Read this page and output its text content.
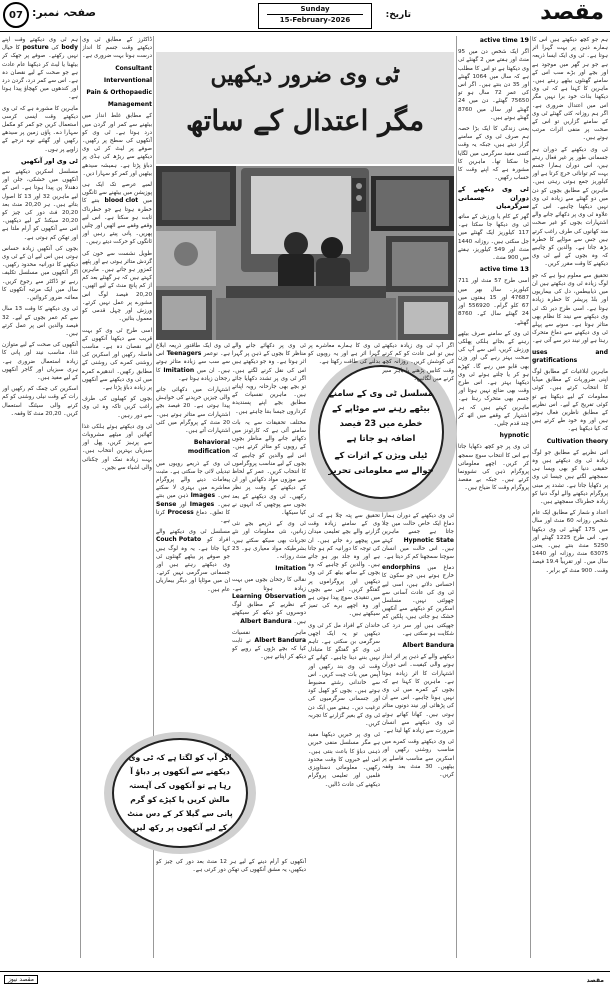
مقصد
تاریخ:
Sunday
15-February-2026
صفحہ نمبر:
07

ہم جو کچھ دیکھتے ہیں اس کا ہمارے ذہن پر بہت گہرا اثر ہوتا ہے۔ ٹی وی ایک ایسا ذریعہ ہے جو ہر گھر میں موجود ہے اور بچے اور بڑے سب اس کے سامنے گھنٹوں بیٹھے رہتے ہیں۔ ماہرین کا کہنا ہے کہ ٹی وی دیکھنا بذات خود برا نہیں مگر اس میں اعتدال ضروری ہے۔ اگر ہم روزانہ کئی گھنٹے ٹی وی کے سامنے گزاریں تو اس کے صحت پر منفی اثرات مرتب ہوتے ہیں۔

ٹی وی دیکھنے کے دوران ہم جسمانی طور پر غیر فعال رہتے ہیں، اس دوران ہمارا جسم بہت کم توانائی خرچ کرتا ہے اور کیلوریز جمع ہوتی رہتی ہیں۔ ماہرین کے مطابق بچوں کو دن میں دو گھنٹے سے زیادہ ٹی وی نہیں دیکھنا چاہیے۔ اس کے علاوہ ٹی وی پر دکھائے جانے والے اشتہارات بچوں کو غیر صحت مند کھانوں کی طرف راغب کرتے ہیں جس سے موٹاپے کا خطرہ بڑھ جاتا ہے۔ والدین کو چاہیے کہ وہ بچوں کے لیے ٹی وی دیکھنے کا وقت مقرر کریں۔

تحقیق سے معلوم ہوا ہے کہ جو لوگ زیادہ ٹی وی دیکھتے ہیں ان میں ذیابیطس، دل کی بیماریوں اور بلڈ پریشر کا خطرہ زیادہ ہوتا ہے۔ اسی طرح دیر تک ٹی وی دیکھنے سے نیند کا نظام بھی متاثر ہوتا ہے۔ سونے سے پہلے ٹی وی دیکھنے سے دماغ متحرک رہتا ہے اور نیند دیر سے آتی ہے۔

uses and gratifications

ماہرین ابلاغیات کے مطابق لوگ اپنی ضروریات کے مطابق میڈیا کا انتخاب کرتے ہیں۔ کوئی معلومات کے لیے دیکھتا ہے تو کوئی تفریح کے لیے۔ اس نظریے کے مطابق ناظرین فعال ہوتے ہیں اور وہ خود طے کرتے ہیں کہ کیا دیکھنا ہے۔

Cultivation theory

اس نظریے کے مطابق جو لوگ زیادہ ٹی وی دیکھتے ہیں وہ حقیقی دنیا کو بھی ویسا ہی سمجھنے لگتے ہیں جیسا ٹی وی پر دکھایا جاتا ہے۔ تشدد پر مبنی پروگرام دیکھنے والے لوگ دنیا کو زیادہ خطرناک سمجھتے ہیں۔

اعداد و شمار کے مطابق ایک عام شخص روزانہ 60 منٹ اور سال میں 175 گھنٹے ٹی وی دیکھتا ہے۔ اس طرح 1225 گھنٹے اور 5250 منٹ بنتے ہیں۔ یعنی 63075 منٹ روزانہ اور 1440 سال میں۔ اور تقریباً 19.4 فیصد وقت۔ 900 منٹ کے برابر۔

19 active time

اگر ایک شخص دن میں 95 منٹ اور ہفتے میں 2 گھنٹے ٹی وی دیکھتا ہے تو اس کا مطلب ہے کہ سال میں 1064 گھنٹے اور 35 دن بنتے ہیں۔ اگر اس کی عمر 72 سال ہو تو 75650 گھنٹے۔ دن میں 24 گھنٹے اور سال میں 8760 گھنٹے ہوتے ہیں۔

یعنی زندگی کا ایک بڑا حصہ ہم صرف ٹی وی کے سامنے گزار دیتے ہیں، جبکہ یہ وقت کسی مفید سرگرمی میں لگایا جا سکتا تھا۔ ماہرین کا مشورہ ہے کہ اپنے وقت کا حساب رکھیں۔

ٹی وی دیکھنے کے دوران جسمانی سرگرمیاں

گھر کے کام یا ورزش کے ساتھ ٹی وی دیکھا جا سکتا ہے۔ 117 کیلوریز ایک گھنٹے میں جل سکتی ہیں۔ روزانہ 1440 منٹ اور 549 کیلوریز، ہفتے میں 900 منٹ۔

13 active time

اسی طرح 57 منٹ اور 711 کیلوریز۔ سال بھر میں 47687 اور 15 ہفتوں میں 67 کلو گرام۔ 556920 اور 24 گھنٹے سال کے۔ 8760 گھنٹے۔

ٹی وی کے سامنے صرف بیٹھے رہنے کے بجائے ہلکی پھلکی ورزش کریں، اس سے آپ کی صحت بہتر رہے گی اور وزن بھی قابو میں رہے گا۔ کھڑے ہو کر یا چلتے ہوئے ٹی وی دیکھنا بہتر ہے۔ اس طرح وقت بھی ضائع نہیں ہوتا اور جسم بھی متحرک رہتا ہے۔ ماہرین کہتے ہیں کہ ہر اشتہار کے وقفے میں اٹھ کر چند قدم چلیں۔

hypnotic

ٹی وی پر جو کچھ دکھایا جاتا ہے اس کا انتخاب سوچ سمجھ کر کریں۔ اچھے معلوماتی پروگرام ذہن کی نشوونما کرتے ہیں۔ جبکہ بے مقصد پروگرام وقت کا ضیاع ہیں۔

ٹی وی ضرور دیکھیں
مگر اعتدال کے ساتھ
مسلسل ٹی وی کے سامنے بیٹھے رہنے سے موٹاپے کے خطرے میں 23 فیصد اضافہ ہو جاتا ہے
ٹیلی ویژن کے اثرات کے حوالے سے معلوماتی تحریر
اگر آپ کو لگتا ہے کہ ٹی وی دیکھنے سے آنکھوں پر دباؤ آ رہا ہے تو آنکھوں کی آہستہ مالش کریں یا کپڑے کو گرم پانی سے گیلا کر کے دس منٹ کے لیے آنکھوں پر رکھ لیں

اگر آپ ٹی وی زیادہ دیکھتے ہیں تو اس عادت کو کم کرنے کی کوشش کریں۔ روزانہ کچھ وقت کتابیں پڑھنے یا باہر سیر کرنے میں لگائیں۔

ٹی وی دیکھنے کے دوران ہمارا دماغ ایک خاص حالت میں چلا جاتا ہے جسے ماہرین Hypnotic State کہتے ہیں۔ اس حالت میں انسان سوچنا سمجھنا کم کر دیتا ہے۔

دماغ میں endorphins خارج ہوتے ہیں جو سکون کا احساس دلاتے ہیں، اسی لیے ٹی وی کی عادت آسانی سے چھوٹتی نہیں۔ مسلسل اسکرین کو دیکھنے سے آنکھیں خشک ہو جاتی ہیں، پلکیں کم جھپکتی ہیں اور سر درد کی شکایت ہو سکتی ہے۔

Albert Bandura

دیکھنے والے کے ذہن پر اثر انداز ہونے والی کیفیت۔ اس دوران اشتہارات کا اثر زیادہ ہوتا ہے۔ ماہرین کا کہنا ہے کہ بچوں کے کمرے میں ٹی وی نہیں ہونا چاہیے۔ اس سے ان کی پڑھائی اور نیند دونوں متاثر ہوتی ہیں۔ کھانا کھاتے ہوئے ٹی وی دیکھنے سے انسان ضرورت سے زیادہ کھا لیتا ہے۔

ٹی وی دیکھتے وقت کمرے میں مناسب روشنی رکھیں اور اسکرین سے مناسب فاصلے پر بیٹھیں۔ 30 منٹ بعد وقفہ کریں۔

ٹی وی کا ہمارے معاشرے پر گہرا اثر ہے اور یہ رویوں کو بدلنے کی طاقت رکھتا ہے۔

تحقیق سے پتہ چلا ہے کہ ٹی وی کے سامنے زیادہ وقت گزارنے والے بچے تعلیمی میدان میں پیچھے رہ جاتے ہیں۔ ان کی توجہ کا دورانیہ کم ہو جاتا ہے اور وہ جلد بور ہو جاتے ہیں۔ والدین کو چاہیے کہ وہ بچوں کے ساتھ بیٹھ کر ٹی وی دیکھیں اور پروگراموں پر گفتگو کریں۔ اس سے بچوں میں تنقیدی سوچ پیدا ہوتی ہے اور وہ اچھے برے کی تمیز سیکھتے ہیں۔

خاندان کے افراد مل کر ٹی وی دیکھیں تو یہ ایک اچھی سرگرمی بن سکتی ہے۔ تاہم ٹی وی کو گفتگو کا متبادل نہیں بننے دینا چاہیے۔ کھانے کے وقت ٹی وی بند رکھیں اور آپس میں بات چیت کریں۔ اس سے خاندانی رشتے مضبوط ہوتے ہیں۔ بچوں کو کھیل کود اور جسمانی سرگرمیوں کی ترغیب دیں۔ ہفتے میں ایک دن ٹی وی کے بغیر گزارنے کا تجربہ کریں۔

ٹی وی پر خبریں دیکھنا مفید ہے مگر مسلسل منفی خبریں ذہنی دباؤ کا باعث بنتی ہیں۔ اس لیے خبروں کا وقت محدود رکھیں۔ معلوماتی دستاویزی فلمیں اور تعلیمی پروگرام دیکھنے کی عادت ڈالیں۔

ٹی وی پر دکھائے جانے والے مناظر کا بچوں کے ذہن پر گہرا اثر ہوتا ہے۔ وہ جو دیکھتے ہیں اس کی نقل کرنے لگتے ہیں۔ اگر ٹی وی پر تشدد دکھایا جائے تو بچے بھی جارحانہ رویہ اپناتے ہیں۔ ماہرین نفسیات کے مطابق بچے اپنے پسندیدہ کرداروں جیسا بننا چاہتے ہیں۔

مختلف تحقیقات سے یہ بات سامنے آئی ہے کہ کارٹونز میں دکھائے جانے والے مناظر بچوں کے رویوں کو متاثر کرتے ہیں۔ اس لیے والدین کو چاہیے کہ بچوں کے لیے مناسب پروگراموں کا انتخاب کریں۔ عمر کے لحاظ سے موزوں مواد دکھائیں اور ان کے دیکھنے کے وقت پر نظر رکھیں۔ ٹی وی دیکھنے کے بعد بچوں سے پوچھیں کہ انہوں نے کیا سیکھا۔

ٹی وی کے ذریعے بچے نئی زبانیں، نئی معلومات اور نئے تجربات بھی سیکھ سکتے ہیں، بشرطیکہ مواد معیاری ہو۔ 23 منٹ روزانہ۔

Imitation

نقالی کا رجحان بچوں میں بہت زیادہ ہوتا ہے۔ Observation Learning کے نظریے کے مطابق لوگ دوسروں کو دیکھ کر سیکھتے ہیں۔ Albert Bandura

ماہر نفسیات Albert Bandura نے ثابت کیا کہ بچے بڑوں کے رویے کو دیکھ کر اپناتے ہیں۔

ٹی وی ایک طاقتور ذریعہ ابلاغ ہے۔ نوعمر Teenagers اس سے سب سے زیادہ متاثر ہوتے ہیں۔ ان میں Imitation کا رجحان زیادہ ہوتا ہے۔

اشتہارات میں دکھائی جانے والی چیزیں خریدنے کی خواہش پیدا ہوتی ہے۔ 20 فیصد بچے اشتہارات سے متاثر ہوتے ہیں۔ 20 منٹ کے پروگرام میں کئی اشتہارات آتے ہیں۔

Behavioral modification

ٹی وی کے ذریعے رویوں میں تبدیلی لائی جا سکتی ہے۔ مثبت پیغامات دینے والے پروگرام معاشرے میں بہتری لا سکتے ہیں۔ Images ذہن میں بنتے ہیں۔ Images اور Sense کا تعلق۔ دماغ Process کرتا ہے۔

مسلسل ٹی وی دیکھنے والے افراد کو Couch Potato کہا جاتا ہے۔ یہ وہ لوگ ہیں جو صوفے پر بیٹھے گھنٹوں ٹی وی دیکھتے رہتے ہیں اور جسمانی سرگرمی نہیں کرتے۔ ان میں موٹاپا اور دیگر بیماریاں عام ہیں۔

آنکھوں کو آرام دینے کے لیے ہر 12 منٹ بعد دور کی چیز کو دیکھیں، یہ مشق آنکھوں کی تھکن دور کرتی ہے۔

ڈاکٹرز کے مطابق ٹی وی دیکھتے وقت جسم کا انداز درست ہونا بہت ضروری ہے۔

Consultant

Interventional

Pain & Orthopaedic

Management

کے مطابق غلط انداز میں بیٹھنے سے کمر اور گردن میں درد ہوتا ہے۔ ٹی وی کو آنکھوں کی سطح پر رکھیں۔ صوفے پر لیٹ کر ٹی وی دیکھنے سے ریڑھ کی ہڈی پر دباؤ پڑتا ہے۔ ہمیشہ سیدھے بیٹھیں اور کمر کو سہارا دیں۔

لمبے عرصے تک ایک ہی پوزیشن میں بیٹھنے سے ٹانگوں میں blood clot بننے کا خطرہ ہوتا ہے جو خطرناک ثابت ہو سکتا ہے۔ اس لیے وقفے وقفے سے اٹھیں اور چلیں پھریں۔ پانی پیتے رہیں اور ٹانگوں کو حرکت دیتے رہیں۔

طویل نشست سے خون کی گردش متاثر ہوتی ہے اور پٹھے کمزور ہو جاتے ہیں۔ ماہرین کہتے ہیں کہ ہر گھنٹے بعد کم از کم پانچ منٹ کے لیے اٹھیں۔ 20,20 فیصد لوگ اس مشورے پر عمل نہیں کرتے۔ ورزش اور چہل قدمی کو معمول بنائیں۔

اسی طرح ٹی وی کو بہت قریب سے دیکھنا آنکھوں کے لیے نقصان دہ ہے۔ مناسب فاصلہ رکھیں اور اسکرین کی روشنی کمرے کی روشنی کے مطابق رکھیں۔ اندھیرے کمرے میں ٹی وی دیکھنے سے آنکھوں پر زیادہ دباؤ پڑتا ہے۔

بچوں کو کھیلوں کی طرف راغب کریں تاکہ وہ ٹی وی سے دور رہیں۔

ٹی وی دیکھتے ہوئے ہلکی غذا کھائیں اور میٹھے مشروبات سے پرہیز کریں، پھل اور سبزیاں بہترین انتخاب ہیں۔ بہت زیادہ نمک اور چکنائی والی اشیاء سے بچیں۔

ہم ٹی وی دیکھتے وقت اپنے body کی posture کا خیال نہیں رکھتے۔ صوفے پر جھک کر بیٹھنا یا لیٹ کر دیکھنا عام عادت ہے جو صحت کے لیے نقصان دہ ہے۔ اس سے کمر درد، گردن درد اور کندھوں میں کھچاؤ پیدا ہوتا ہے۔

ماہرین کا مشورہ ہے کہ ٹی وی دیکھتے وقت ایسی کرسی استعمال کریں جو کمر کو مکمل سہارا دے۔ پاؤں زمین پر سیدھے رکھیں اور گھٹنے نوے درجے کے زاویے پر ہوں۔

ٹی وی اور آنکھیں

مسلسل اسکرین دیکھنے سے آنکھوں میں خشکی، جلن اور دھندلا پن پیدا ہوتا ہے۔ اس کے لیے ماہرین 32 اور 13 کا اصول بتاتے ہیں۔ ہر 20,20 منٹ بعد 20,20 فٹ دور کی چیز کو 20,20 سیکنڈ کے لیے دیکھیں۔ اس سے آنکھوں کو آرام ملتا ہے اور تھکن کم ہوتی ہے۔

بچوں کی آنکھیں زیادہ حساس ہوتی ہیں اس لیے ان کے ٹی وی دیکھنے کا دورانیہ محدود رکھیں۔ اگر آنکھوں میں مسلسل تکلیف رہے تو ڈاکٹر سے رجوع کریں۔ سال میں ایک مرتبہ آنکھوں کا معائنہ ضرور کروائیں۔

ٹی وی دیکھنے کا وقت 13 سال سے کم عمر بچوں کے لیے۔ 32 فیصد والدین اس پر عمل کرتے ہیں۔

آنکھوں کی صحت کے لیے متوازن غذا، مناسب نیند اور پانی کا زیادہ استعمال ضروری ہے۔ ہری سبزیاں اور گاجر آنکھوں کے لیے مفید ہیں۔

اسکرین کی چمک کم رکھیں اور رات کے وقت نیلی روشنی کو کم کرنے والی سیٹنگ استعمال کریں۔ 20,20 منٹ کا وقفہ۔

مقصد نیوز	مقصد
